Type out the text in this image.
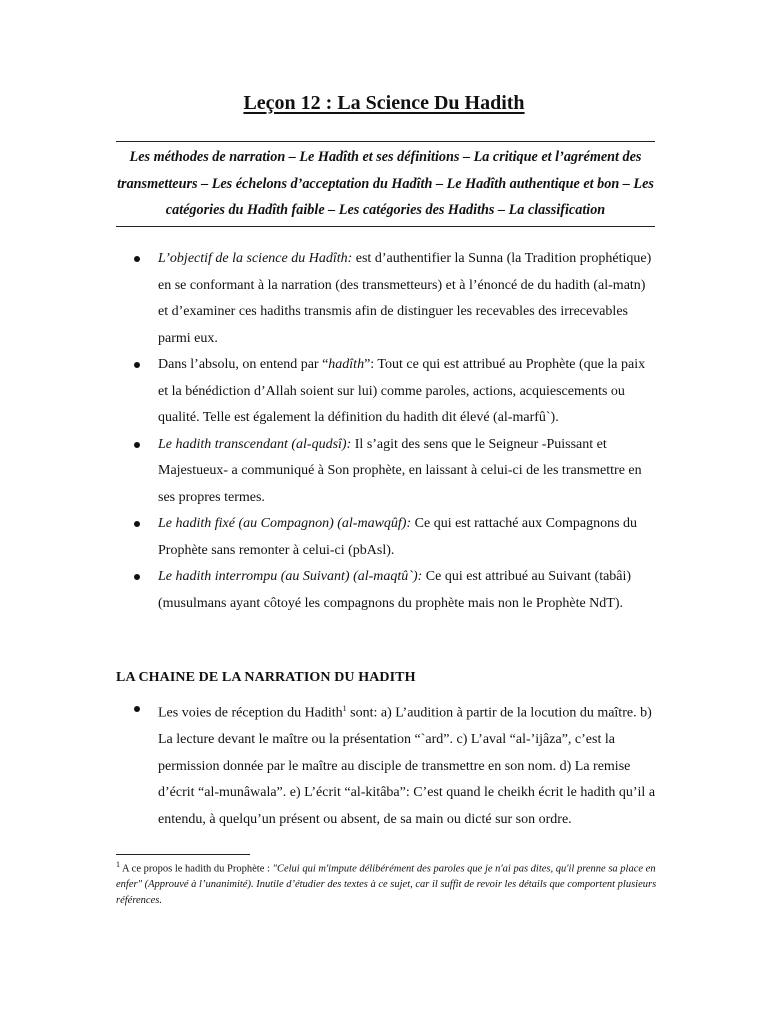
Leçon 12 : La Science Du Hadith
Les méthodes de narration – Le Hadîth et ses définitions – La critique et l’agrément des transmetteurs – Les échelons d’acceptation du Hadîth – Le Hadîth authentique et bon – Les catégories du Hadîth faible – Les catégories des Hadiths – La classification
L’objectif de la science du Hadîth: est d’authentifier la Sunna (la Tradition prophétique) en se conformant à la narration (des transmetteurs) et à l’énoncé de du hadith (al-matn) et d’examiner ces hadiths transmis afin de distinguer les recevables des irrecevables parmi eux.
Dans l’absolu, on entend par “hadîth”: Tout ce qui est attribué au Prophète (que la paix et la bénédiction d’Allah soient sur lui) comme paroles, actions, acquiescements ou qualité. Telle est également la définition du hadith dit élevé (al-marfû`).
Le hadith transcendant (al-qudsî): Il s’agit des sens que le Seigneur -Puissant et Majestueux- a communiqué à Son prophète, en laissant à celui-ci de les transmettre en ses propres termes.
Le hadith fixé (au Compagnon) (al-mawqûf): Ce qui est rattaché aux Compagnons du Prophète sans remonter à celui-ci (pbAsl).
Le hadith interrompu (au Suivant) (al-maqtû`): Ce qui est attribué au Suivant (tabâi) (musulmans ayant côtoyé les compagnons du prophète mais non le Prophète NdT).
LA CHAINE DE LA NARRATION DU HADITH
Les voies de réception du Hadith$^1$ sont: a) L’audition à partir de la locution du maître. b) La lecture devant le maître ou la présentation “`ard”. c) L’aval “al-’ijâza”, c’est la permission donnée par le maître au disciple de transmettre en son nom. d) La remise d’écrit “al-munâwala”. e) L’écrit “al-kitâba”: C’est quand le cheikh écrit le hadith qu’il a entendu, à quelqu’un présent ou absent, de sa main ou dicté sur son ordre.
$^1$ A ce propos le hadith du Prophète : "Celui qui m'impute délibérément des paroles que je n'ai pas dites, qu'il prenne sa place en enfer" (Approuvé à l’unanimité). Inutile d’étudier des textes à ce sujet, car il suffit de revoir les détails que comportent plusieurs références.
